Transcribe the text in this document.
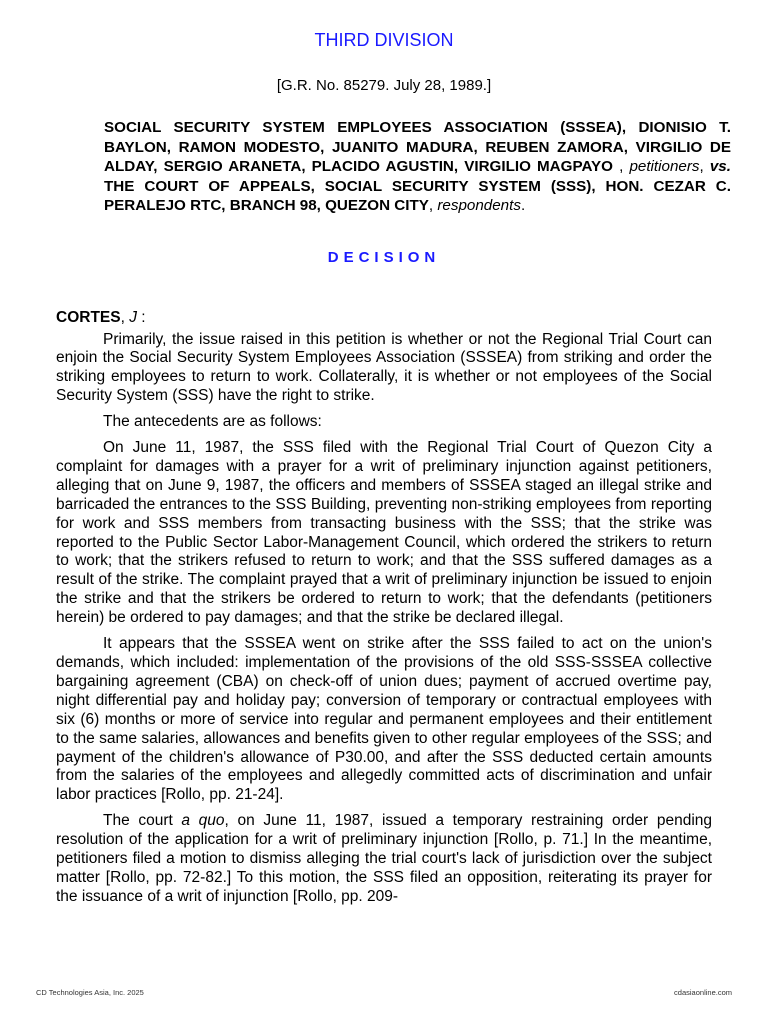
THIRD DIVISION
[G.R. No. 85279. July 28, 1989.]
SOCIAL SECURITY SYSTEM EMPLOYEES ASSOCIATION (SSSEA), DIONISIO T. BAYLON, RAMON MODESTO, JUANITO MADURA, REUBEN ZAMORA, VIRGILIO DE ALDAY, SERGIO ARANETA, PLACIDO AGUSTIN, VIRGILIO MAGPAYO , petitioners, vs. THE COURT OF APPEALS, SOCIAL SECURITY SYSTEM (SSS), HON. CEZAR C. PERALEJO RTC, BRANCH 98, QUEZON CITY, respondents.
DECISION
CORTES, J :

Primarily, the issue raised in this petition is whether or not the Regional Trial Court can enjoin the Social Security System Employees Association (SSSEA) from striking and order the striking employees to return to work. Collaterally, it is whether or not employees of the Social Security System (SSS) have the right to strike.

The antecedents are as follows:

On June 11, 1987, the SSS filed with the Regional Trial Court of Quezon City a complaint for damages with a prayer for a writ of preliminary injunction against petitioners, alleging that on June 9, 1987, the officers and members of SSSEA staged an illegal strike and barricaded the entrances to the SSS Building, preventing non-striking employees from reporting for work and SSS members from transacting business with the SSS; that the strike was reported to the Public Sector Labor-Management Council, which ordered the strikers to return to work; that the strikers refused to return to work; and that the SSS suffered damages as a result of the strike. The complaint prayed that a writ of preliminary injunction be issued to enjoin the strike and that the strikers be ordered to return to work; that the defendants (petitioners herein) be ordered to pay damages; and that the strike be declared illegal.

It appears that the SSSEA went on strike after the SSS failed to act on the union's demands, which included: implementation of the provisions of the old SSS-SSSEA collective bargaining agreement (CBA) on check-off of union dues; payment of accrued overtime pay, night differential pay and holiday pay; conversion of temporary or contractual employees with six (6) months or more of service into regular and permanent employees and their entitlement to the same salaries, allowances and benefits given to other regular employees of the SSS; and payment of the children's allowance of P30.00, and after the SSS deducted certain amounts from the salaries of the employees and allegedly committed acts of discrimination and unfair labor practices [Rollo, pp. 21-24].

The court a quo, on June 11, 1987, issued a temporary restraining order pending resolution of the application for a writ of preliminary injunction [Rollo, p. 71.] In the meantime, petitioners filed a motion to dismiss alleging the trial court's lack of jurisdiction over the subject matter [Rollo, pp. 72-82.] To this motion, the SSS filed an opposition, reiterating its prayer for the issuance of a writ of injunction [Rollo, pp. 209-

CD Technologies Asia, Inc. 2025	cdasiaonline.com
